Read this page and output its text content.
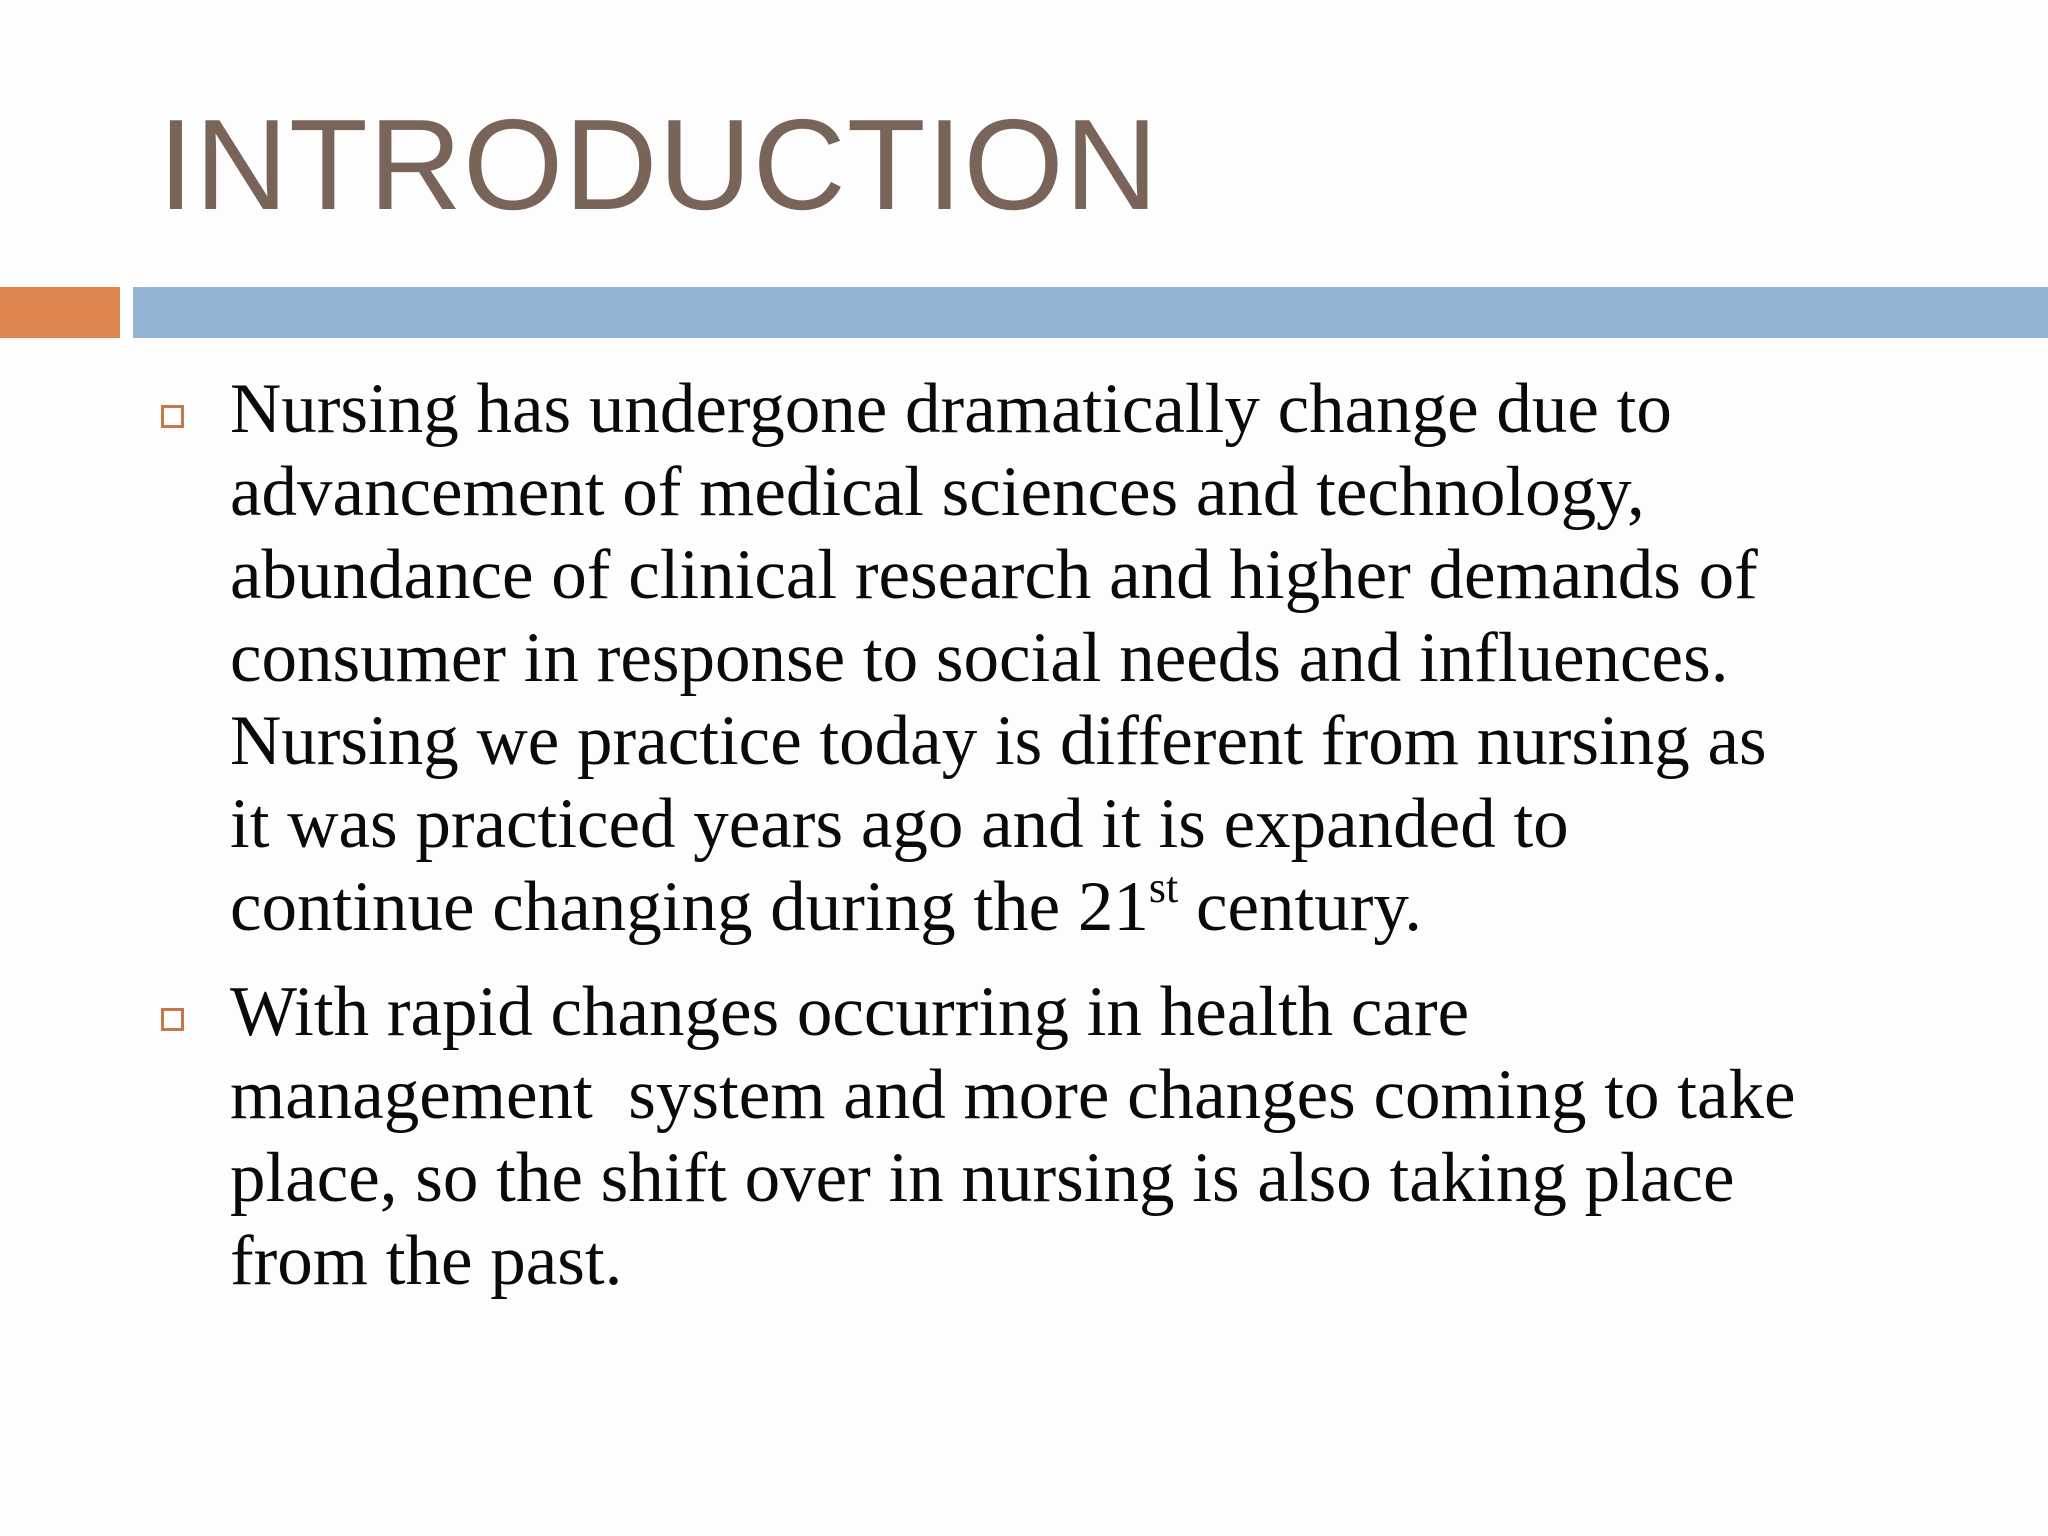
INTRODUCTION
Nursing has undergone dramatically change due to
advancement of medical sciences and technology,
abundance of clinical research and higher demands of
consumer in response to social needs and influences.
Nursing we practice today is different from nursing as
it was practiced years ago and it is expanded to
continue changing during the 21st century.
With rapid changes occurring in health care
management  system and more changes coming to take
place, so the shift over in nursing is also taking place
from the past.
